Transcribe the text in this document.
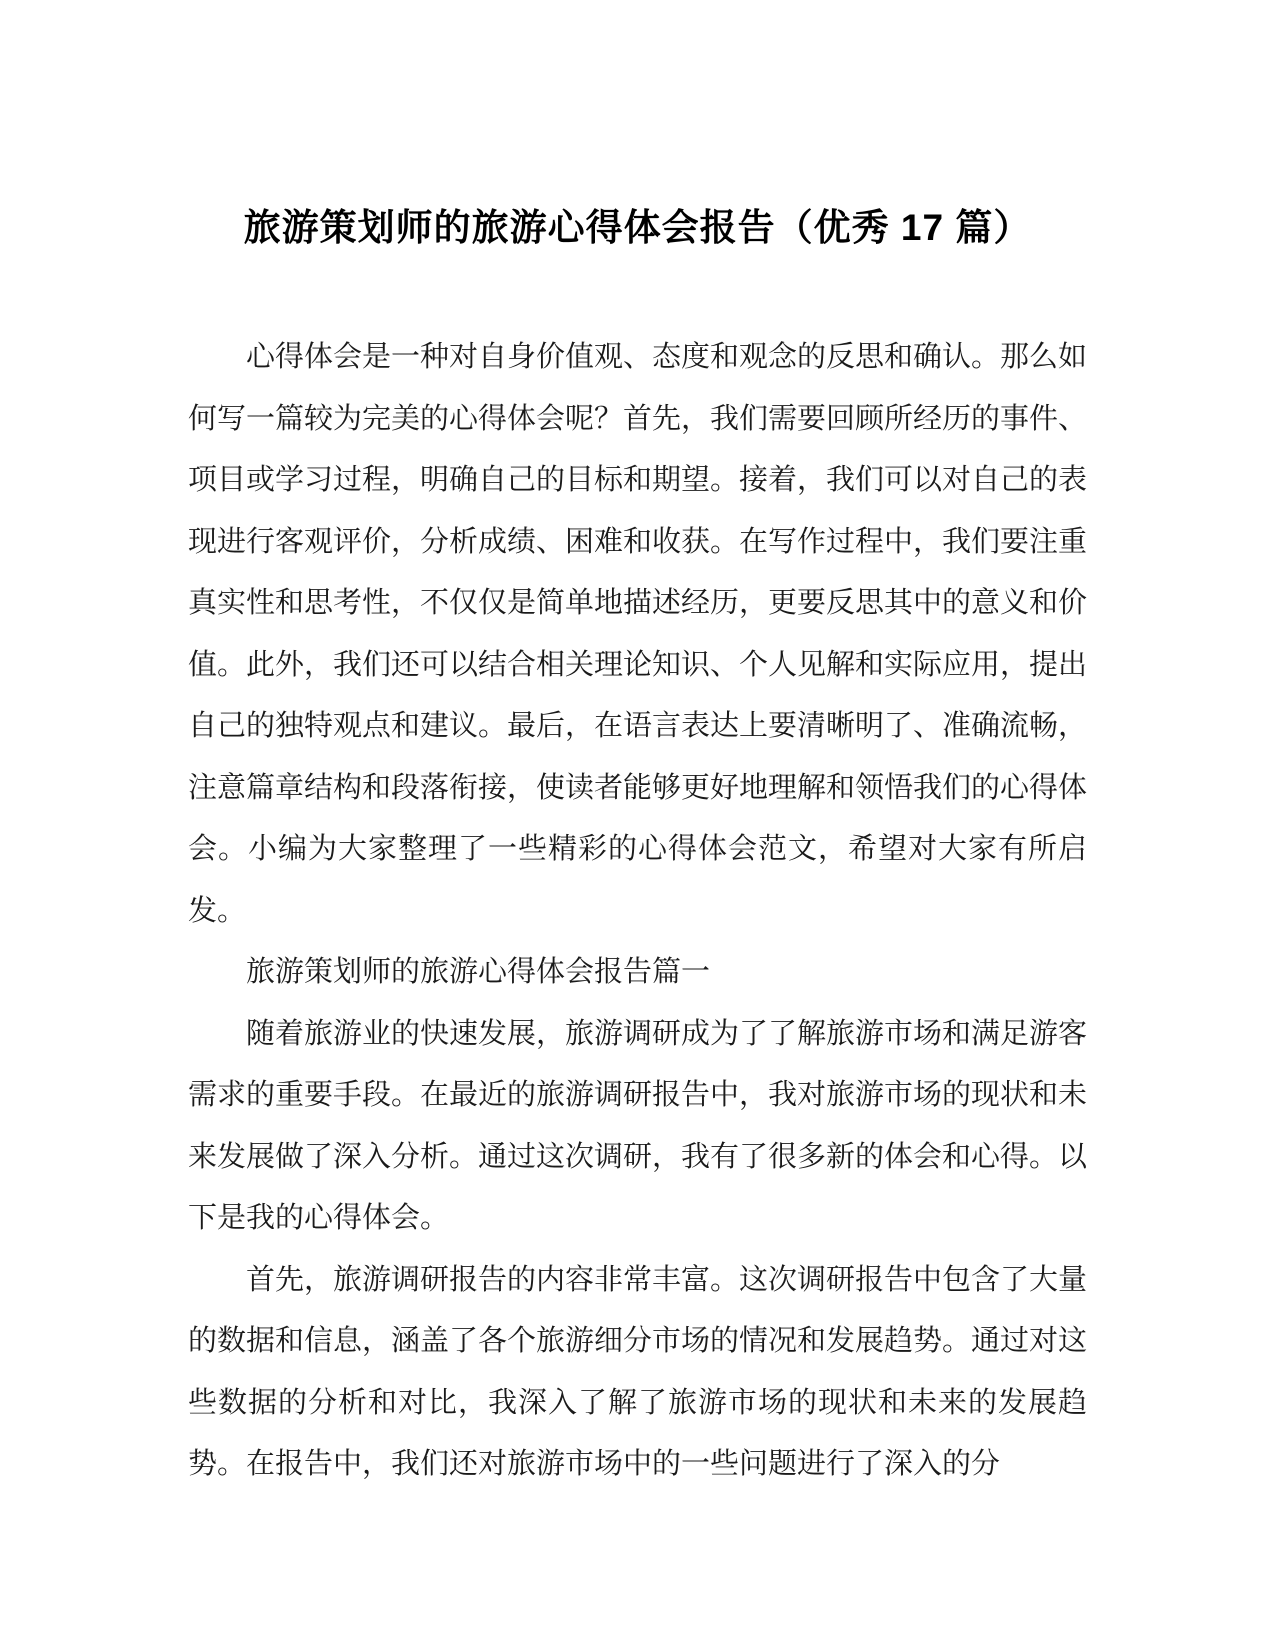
旅游策划师的旅游心得体会报告（优秀 17 篇）

心得体会是一种对自身价值观、态度和观念的反思和确认。那么如何写一篇较为完美的心得体会呢？首先，我们需要回顾所经历的事件、项目或学习过程，明确自己的目标和期望。接着，我们可以对自己的表现进行客观评价，分析成绩、困难和收获。在写作过程中，我们要注重真实性和思考性，不仅仅是简单地描述经历，更要反思其中的意义和价值。此外，我们还可以结合相关理论知识、个人见解和实际应用，提出自己的独特观点和建议。最后，在语言表达上要清晰明了、准确流畅，注意篇章结构和段落衔接，使读者能够更好地理解和领悟我们的心得体会。小编为大家整理了一些精彩的心得体会范文，希望对大家有所启发。

旅游策划师的旅游心得体会报告篇一

随着旅游业的快速发展，旅游调研成为了了解旅游市场和满足游客需求的重要手段。在最近的旅游调研报告中，我对旅游市场的现状和未来发展做了深入分析。通过这次调研，我有了很多新的体会和心得。以下是我的心得体会。

首先，旅游调研报告的内容非常丰富。这次调研报告中包含了大量的数据和信息，涵盖了各个旅游细分市场的情况和发展趋势。通过对这些数据的分析和对比，我深入了解了旅游市场的现状和未来的发展趋势。在报告中，我们还对旅游市场中的一些问题进行了深入的分
